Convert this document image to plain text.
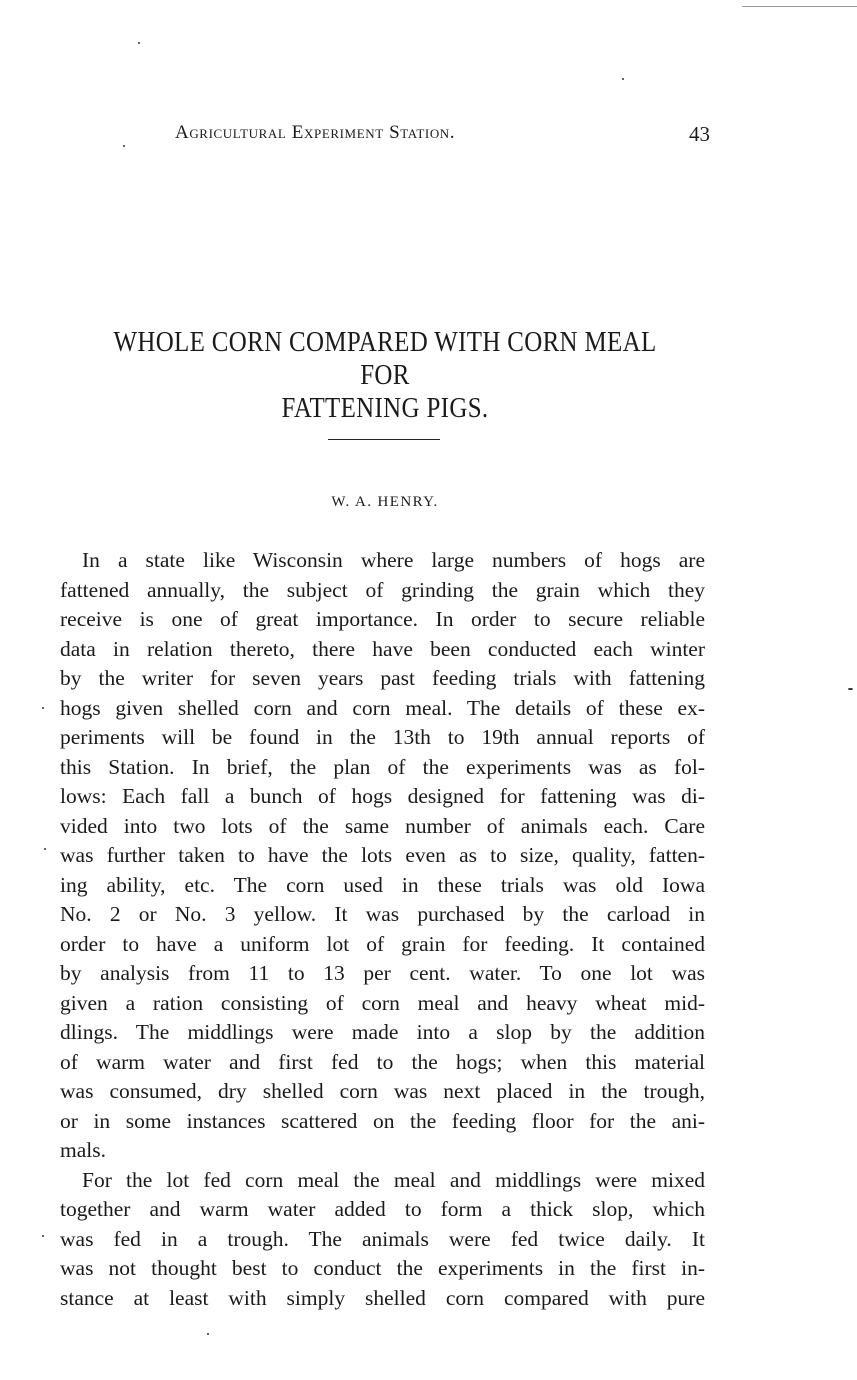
Agricultural Experiment Station.	43
WHOLE CORN COMPARED WITH CORN MEAL FOR
FATTENING PIGS.
W. A. HENRY.
In a state like Wisconsin where large numbers of hogs are
fattened annually, the subject of grinding the grain which they
receive is one of great importance. In order to secure reliable
data in relation thereto, there have been conducted each winter
by the writer for seven years past feeding trials with fattening
hogs given shelled corn and corn meal. The details of these ex-
periments will be found in the 13th to 19th annual reports of
this Station. In brief, the plan of the experiments was as fol-
lows: Each fall a bunch of hogs designed for fattening was di-
vided into two lots of the same number of animals each. Care
was further taken to have the lots even as to size, quality, fatten-
ing ability, etc. The corn used in these trials was old Iowa
No. 2 or No. 3 yellow. It was purchased by the carload in
order to have a uniform lot of grain for feeding. It contained
by analysis from 11 to 13 per cent. water. To one lot was
given a ration consisting of corn meal and heavy wheat mid-
dlings. The middlings were made into a slop by the addition
of warm water and first fed to the hogs; when this material
was consumed, dry shelled corn was next placed in the trough,
or in some instances scattered on the feeding floor for the ani-
mals.
For the lot fed corn meal the meal and middlings were mixed
together and warm water added to form a thick slop, which
was fed in a trough. The animals were fed twice daily. It
was not thought best to conduct the experiments in the first in-
stance at least with simply shelled corn compared with pure
